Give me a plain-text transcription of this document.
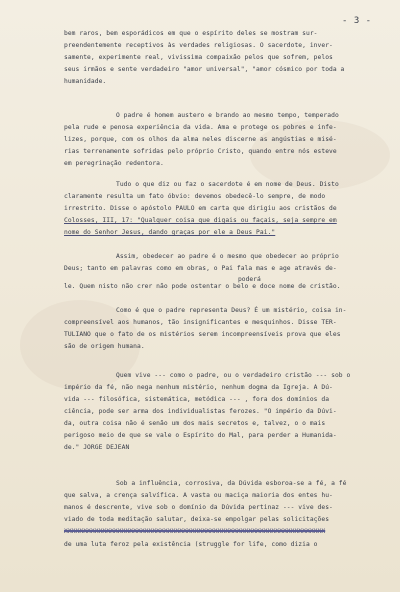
- 3 -
bem raros, bem esporádicos em que o espírito deles se mostram sur-
preendentemente receptivos às verdades religiosas. O sacerdote, inver-
samente, experimente real, vivissima compaixão pelos que sofrem, pelos
seus irmãos e sente verdadeiro "amor universal", "amor cósmico por toda a
humanidade.
O padre é homem austero e brando ao mesmo tempo, temperado
pela rude e penosa experiência da vida. Ama e protege os pobres e infe-
lizes, porque, com os olhos da alma neles discerne as angústias e misé-
rias terrenamente sofridas pelo próprio Cristo, quando entre nós esteve
em peregrinação redentora.
Tudo o que diz ou faz o sacerdote é em nome de Deus. Disto
claramente resulta um fato óbvio: devemos obedecê-lo sempre, de modo
irrestrito. Disse o apóstolo PAULO em carta que dirigiu aos cristãos de
Colosses, III, 17: "Qualquer coisa que digais ou façais, seja sempre em
nome do Senhor Jesus, dando graças por ele a Deus Pai."
Assim, obedecer ao padre é o mesmo que obedecer ao próprio
poderá
Deus; tanto em palavras como em obras, o Pai fala mas e age através de-
le. Quem nisto não crer não pode ostentar o belo e doce nome de cristão.
Como é que o padre representa Deus? É um mistério, coisa in-
compreensível aos humanos, tão insignificantes e mesquinhos. Disse TER-
TULIANO que o fato de os mistérios serem incompreensíveis prova que eles
são de origem humana.
Quem vive --- como o padre, ou o verdadeiro cristão --- sob o
império da fé, não nega nenhum mistério, nenhum dogma da Igreja. A Dú-
vida --- filosófica, sistemática, metódica --- , fora dos domínios da
ciência, pode ser arma dos individualistas ferozes. "O império da Dúvi-
da, outra coisa não é senão um dos mais secretos e, talvez, o o mais
perigoso meio de que se vale o Espírito do Mal, para perder a Humanida-
de." JORGE DEJEAN
Sob a influência, corrosiva, da Dúvida esboroa-se a fé, a fé
que salva, a crença salvífica. A vasta ou maciça maioria dos entes hu-
manos é descrente, vive sob o domínio da Dúvida pertinaz --- vive des-
viado de toda meditação salutar, deixa-se empolgar pelas solicitações
XXXXXXXXXXXXXXXXXXXXXXXXXXXXXXXXXXXXXXXXXXXXXXXXXXXXXXXXXXXXXXXXXXXX
de uma luta feroz pela existência (struggle for life, como dizia o
